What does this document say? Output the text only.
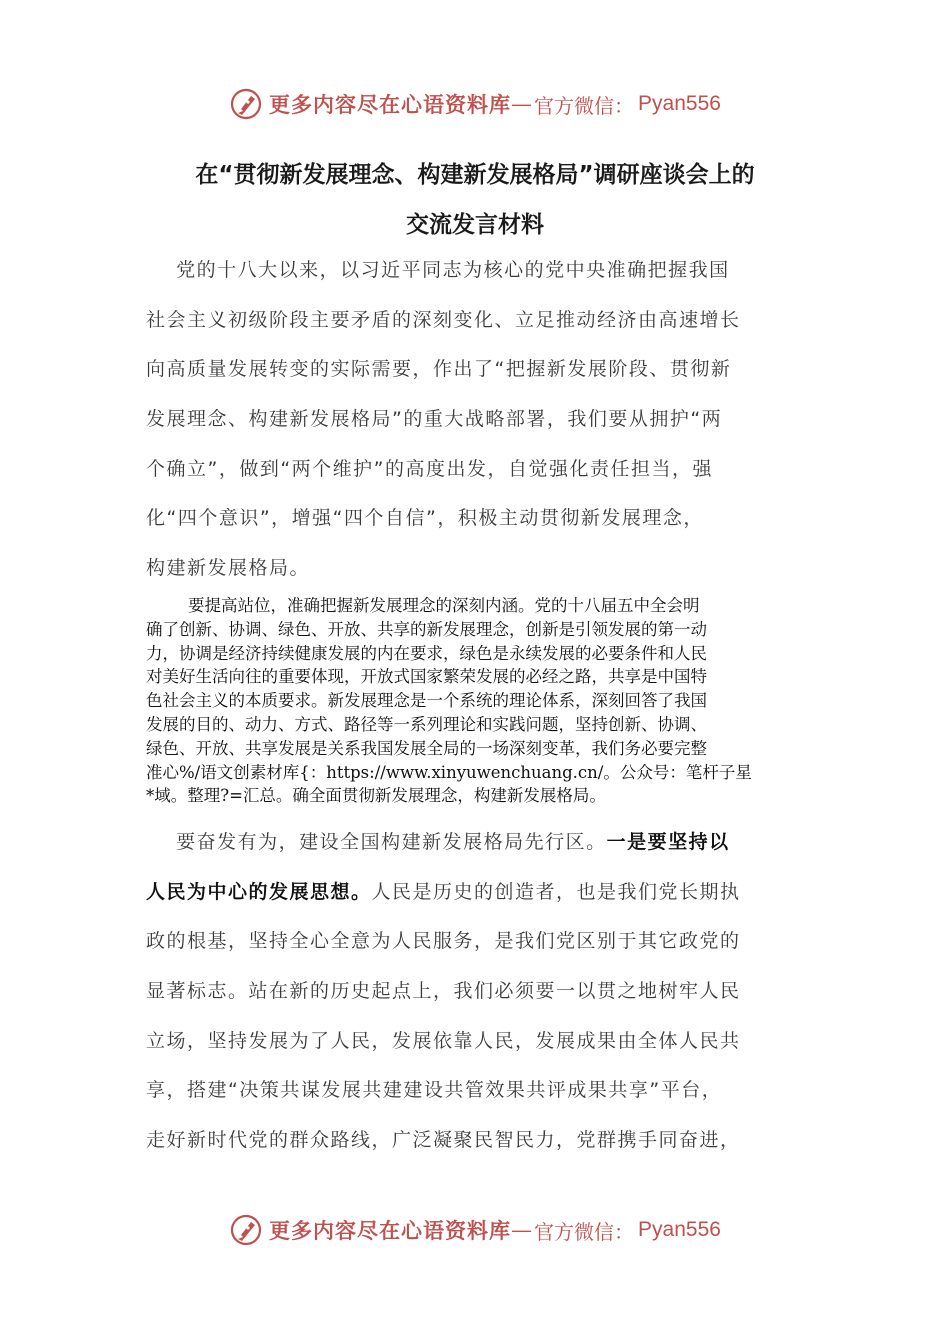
更多内容尽在心语资料库 — 官方微信： Pyan556
在“贯彻新发展理念、构建新发展格局”调研座谈会上的
交流发言材料
党的十八大以来，以习近平同志为核心的党中央准确把握我国
社会主义初级阶段主要矛盾的深刻变化、立足推动经济由高速增长
向高质量发展转变的实际需要，作出了“把握新发展阶段、贯彻新
发展理念、构建新发展格局”的重大战略部署，我们要从拥护“两
个确立”，做到“两个维护”的高度出发，自觉强化责任担当，强
化“四个意识”，增强“四个自信”，积极主动贯彻新发展理念，
构建新发展格局。
要提高站位，准确把握新发展理念的深刻内涵。党的十八届五中全会明
确了创新、协调、绿色、开放、共享的新发展理念，创新是引领发展的第一动
力，协调是经济持续健康发展的内在要求，绿色是永续发展的必要条件和人民
对美好生活向往的重要体现，开放式国家繁荣发展的必经之路，共享是中国特
色社会主义的本质要求。新发展理念是一个系统的理论体系，深刻回答了我国
发展的目的、动力、方式、路径等一系列理论和实践问题，坚持创新、协调、
绿色、开放、共享发展是关系我国发展全局的一场深刻变革，我们务必要完整
准心%/语文创素材库{：https://www.xinyuwenchuang.cn/。公众号：笔杆子星
*域。整理?=汇总。确全面贯彻新发展理念，构建新发展格局。
要奋发有为，建设全国构建新发展格局先行区。一是要坚持以
人民为中心的发展思想。人民是历史的创造者，也是我们党长期执
政的根基，坚持全心全意为人民服务，是我们党区别于其它政党的
显著标志。站在新的历史起点上，我们必须要一以贯之地树牢人民
立场，坚持发展为了人民，发展依靠人民，发展成果由全体人民共
享，搭建“决策共谋发展共建建设共管效果共评成果共享”平台，
走好新时代党的群众路线，广泛凝聚民智民力，党群携手同奋进，
更多内容尽在心语资料库 — 官方微信： Pyan556
